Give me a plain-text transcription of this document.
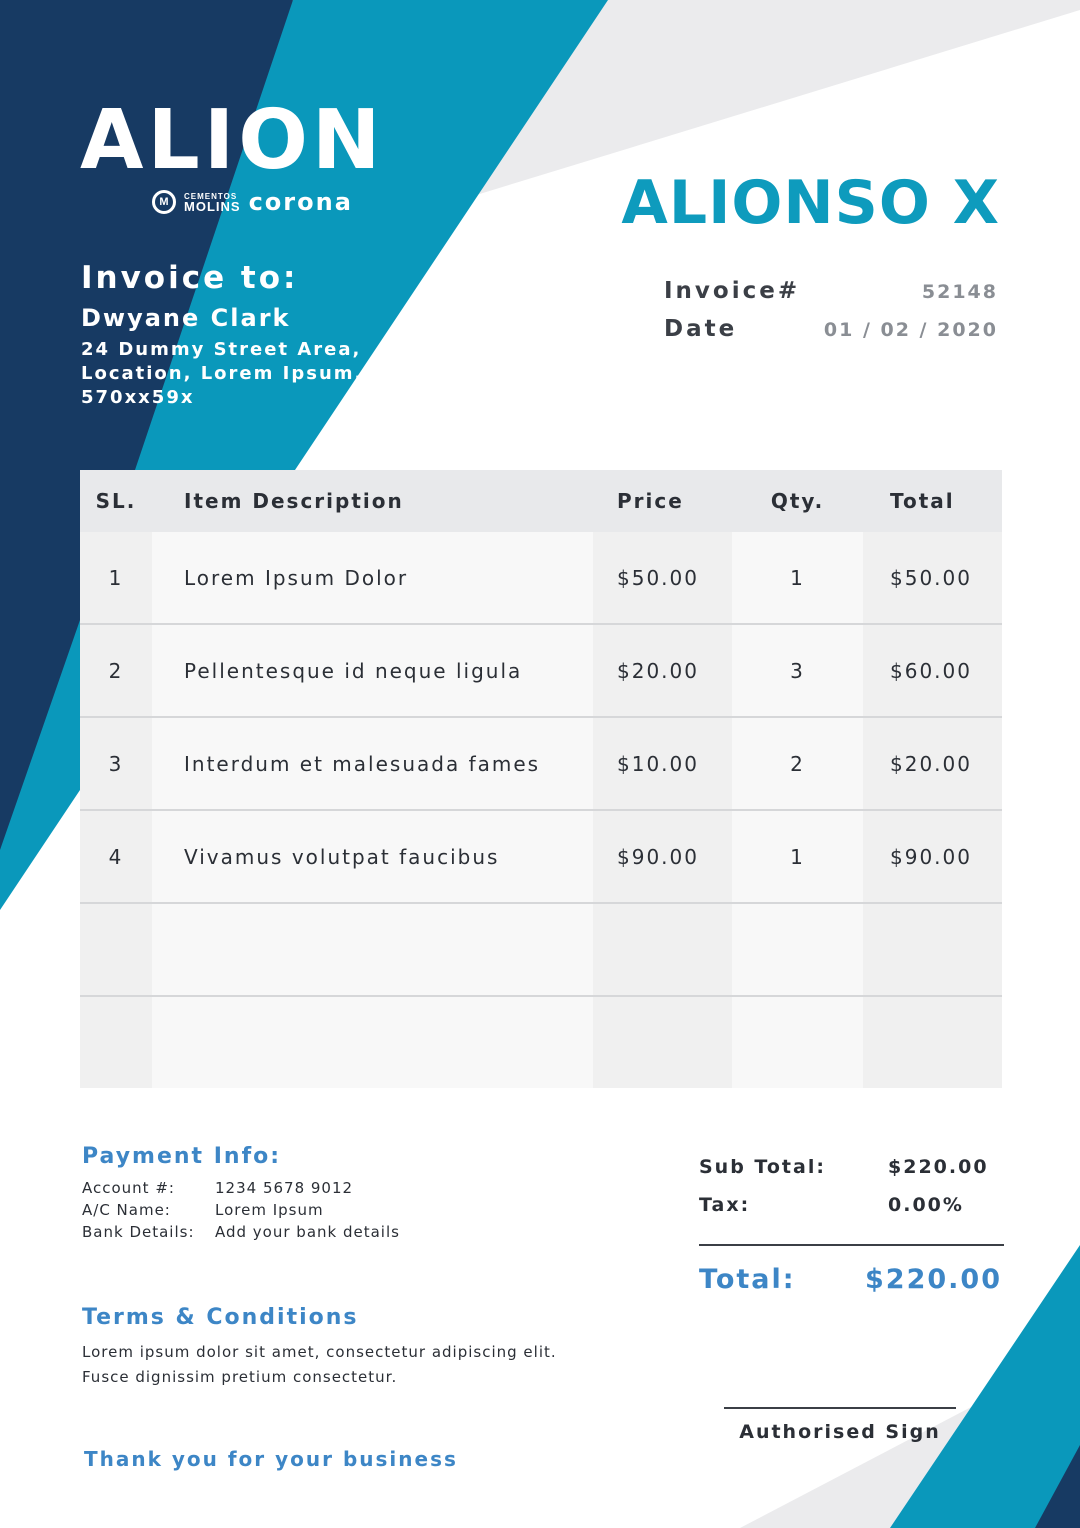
ALION
M	CEMENTOS
MOLINS corona	ALIONSO X
Invoice to:
Dwyane Clark
24 Dummy Street Area,
Location, Lorem Ipsum,
570xx59x
Invoice#	52148
Date	01 / 02 / 2020
SL.	Item Description	Price	Qty.	Total
1	Lorem Ipsum Dolor	$50.00	1	$50.00
2	Pellentesque id neque ligula	$20.00	3	$60.00
3	Interdum et malesuada fames	$10.00	2	$20.00
4	Vivamus volutpat faucibus	$90.00	1	$90.00
Payment Info:
Account #:	1234 5678 9012
A/C Name:	Lorem Ipsum
Bank Details:	Add your bank details
Terms & Conditions
Lorem ipsum dolor sit amet, consectetur adipiscing elit.
Fusce dignissim pretium consectetur.
Thank you for your business
Sub Total:	$220.00
Tax:	0.00%
Total:	$220.00
Authorised Sign
